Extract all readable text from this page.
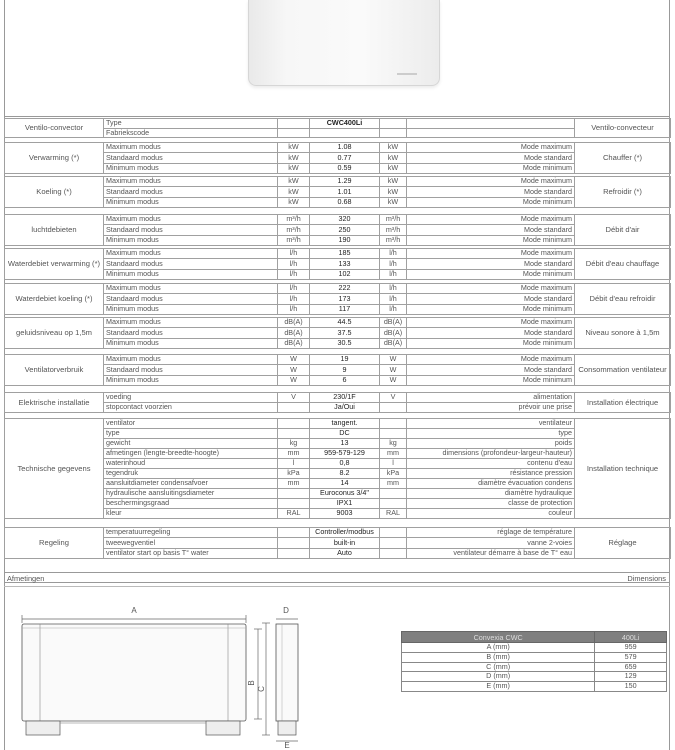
Ventilo-convector	Type		CWC400Li			Ventilo-convecteur
	Fabriekscode					
Verwarming (*)	Maximum modus	kW	1.08	kW	Mode maximum	Chauffer (*)
	Standaard modus	kW	0.77	kW	Mode standard	
	Minimum modus	kW	0.59	kW	Mode minimum	
Koeling (*)	Maximum modus	kW	1.29	kW	Mode maximum	Refroidir (*)
	Standaard modus	kW	1.01	kW	Mode standard	
	Minimum modus	kW	0.68	kW	Mode minimum	
luchtdebieten	Maximum modus	m³/h	320	m³/h	Mode maximum	Débit d'air
	Standaard modus	m³/h	250	m³/h	Mode standard	
	Minimum modus	m³/h	190	m³/h	Mode minimum	
Waterdebiet verwarming (*)	Maximum modus	l/h	185	l/h	Mode maximum	Débit d'eau chauffage
	Standaard modus	l/h	133	l/h	Mode standard	
	Minimum modus	l/h	102	l/h	Mode minimum	
Waterdebiet koeling (*)	Maximum modus	l/h	222	l/h	Mode maximum	Débit d'eau refroidir
	Standaard modus	l/h	173	l/h	Mode standard	
	Minimum modus	l/h	117	l/h	Mode minimum	
geluidsniveau op 1,5m	Maximum modus	dB(A)	44.5	dB(A)	Mode maximum	Niveau sonore à 1,5m
	Standaard modus	dB(A)	37.5	dB(A)	Mode standard	
	Minimum modus	dB(A)	30.5	dB(A)	Mode minimum	
Ventilatorverbruik	Maximum modus	W	19	W	Mode maximum	Consommation ventilateur
	Standaard modus	W	9	W	Mode standard	
	Minimum modus	W	6	W	Mode minimum	
Elektrische installatie	voeding	V	230/1F	V	alimentation	Installation électrique
	stopcontact voorzien		Ja/Oui		prévoir une prise	
Technische gegevens	ventilator		tangent.		ventilateur	Installation technique
	type		DC		type	
	gewicht	kg	13	kg	poids	
	afmetingen (lengte-breedte-hoogte)	mm	959-579-129	mm	dimensions (profondeur-largeur-hauteur)	
	waterinhoud	l	0,8	l	contenu d'eau	
	tegendruk	kPa	8.2	kPa	résistance pression	
	aansluitdiameter condensafvoer	mm	14	mm	diamètre évacuation condens	
	hydraulische aansluitingsdiameter		Euroconus 3/4"		diamètre hydraulique	
	beschermingsgraad		IPX1		classe de protection	
	kleur	RAL	9003	RAL	couleur	
Regeling	temperatuurregeling		Controller/modbus		réglage de température	Réglage
	tweewegventiel		built-in		vanne 2-voies	
	ventilator start op basis T° water		Auto		ventilateur démarre à base de T° eau	
Afmetingen	Dimensions
A
B
C
D
E
Convexia CWC	400Li
A (mm)	959
B (mm)	579
C (mm)	659
D (mm)	129
E (mm)	150
